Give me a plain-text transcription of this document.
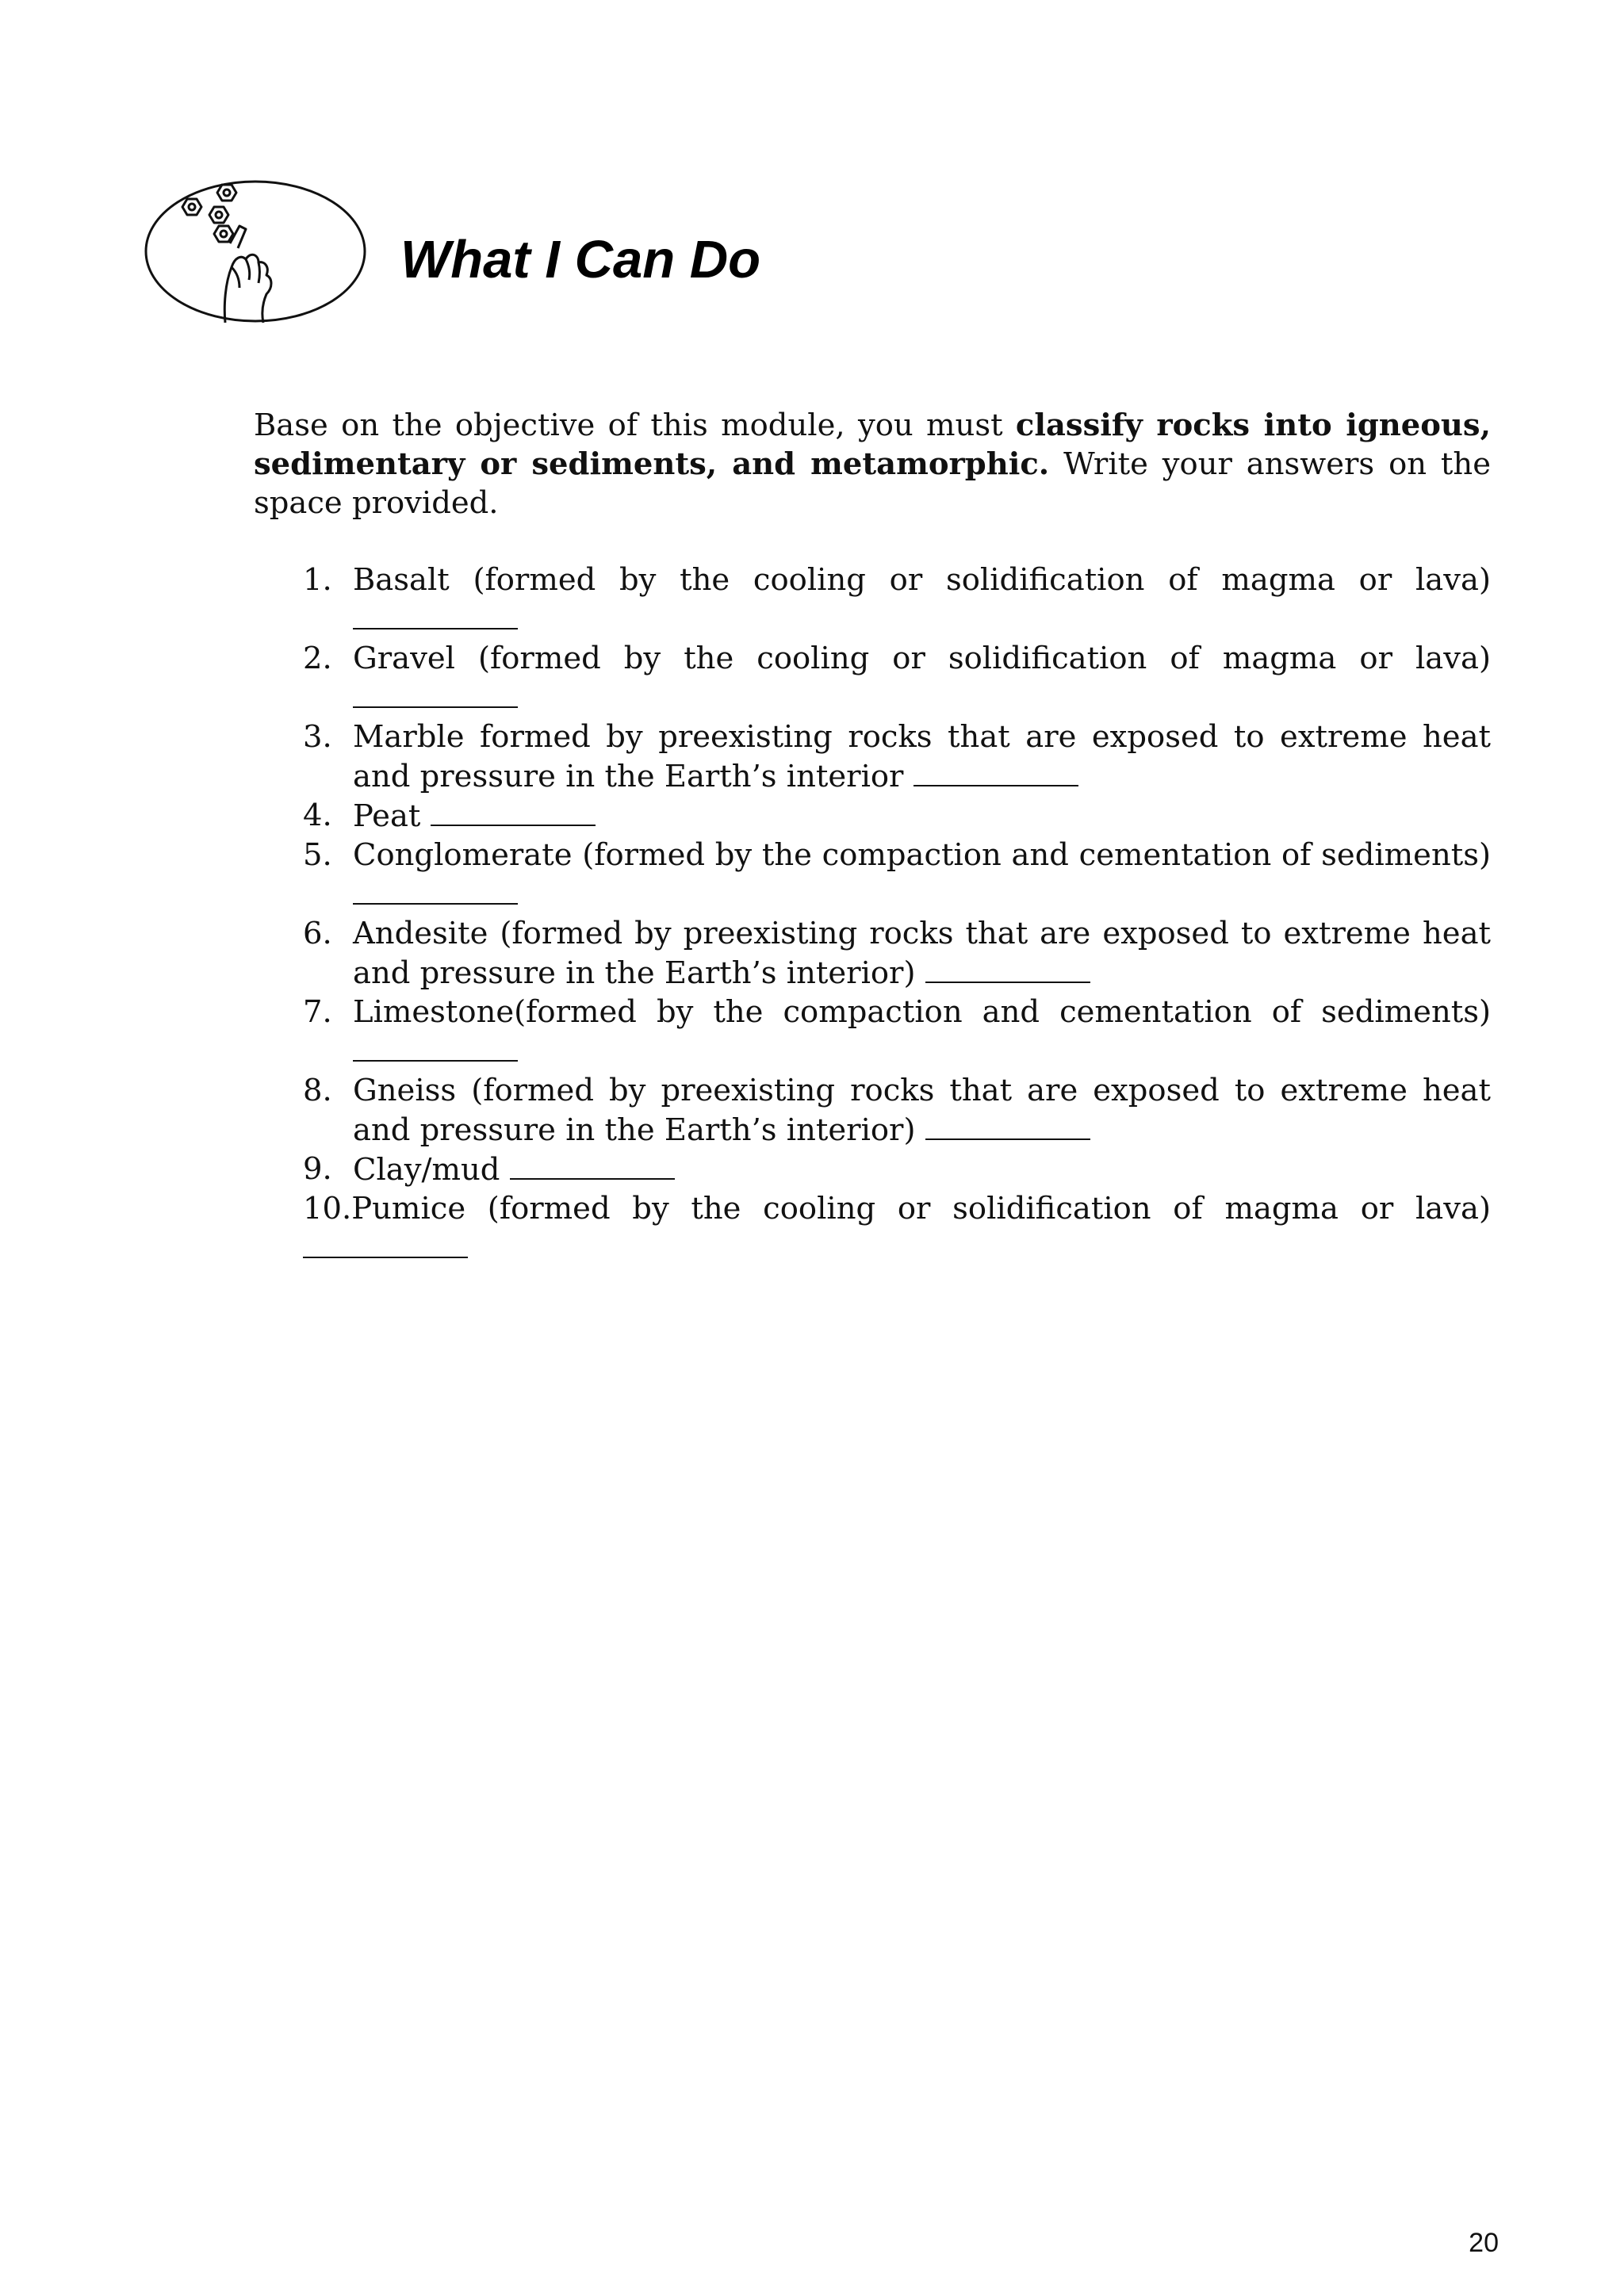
What I Can Do

Base on the objective of this module, you must classify rocks into igneous, sedimentary or sediments, and metamorphic. Write your answers on the space provided.

1. Basalt (formed by the cooling or solidification of magma or lava)
2. Gravel (formed by the cooling or solidification of magma or lava)
3. Marble formed by preexisting rocks that are exposed to extreme heat and pressure in the Earth’s interior
4. Peat
5. Conglomerate (formed by the compaction and cementation of sediments)
6. Andesite (formed by preexisting rocks that are exposed to extreme heat and pressure in the Earth’s interior)
7. Limestone(formed by the compaction and cementation of sediments)
8. Gneiss (formed by preexisting rocks that are exposed to extreme heat and pressure in the Earth’s interior)
9. Clay/mud
10.Pumice (formed by the cooling or solidification of magma or lava)
20
